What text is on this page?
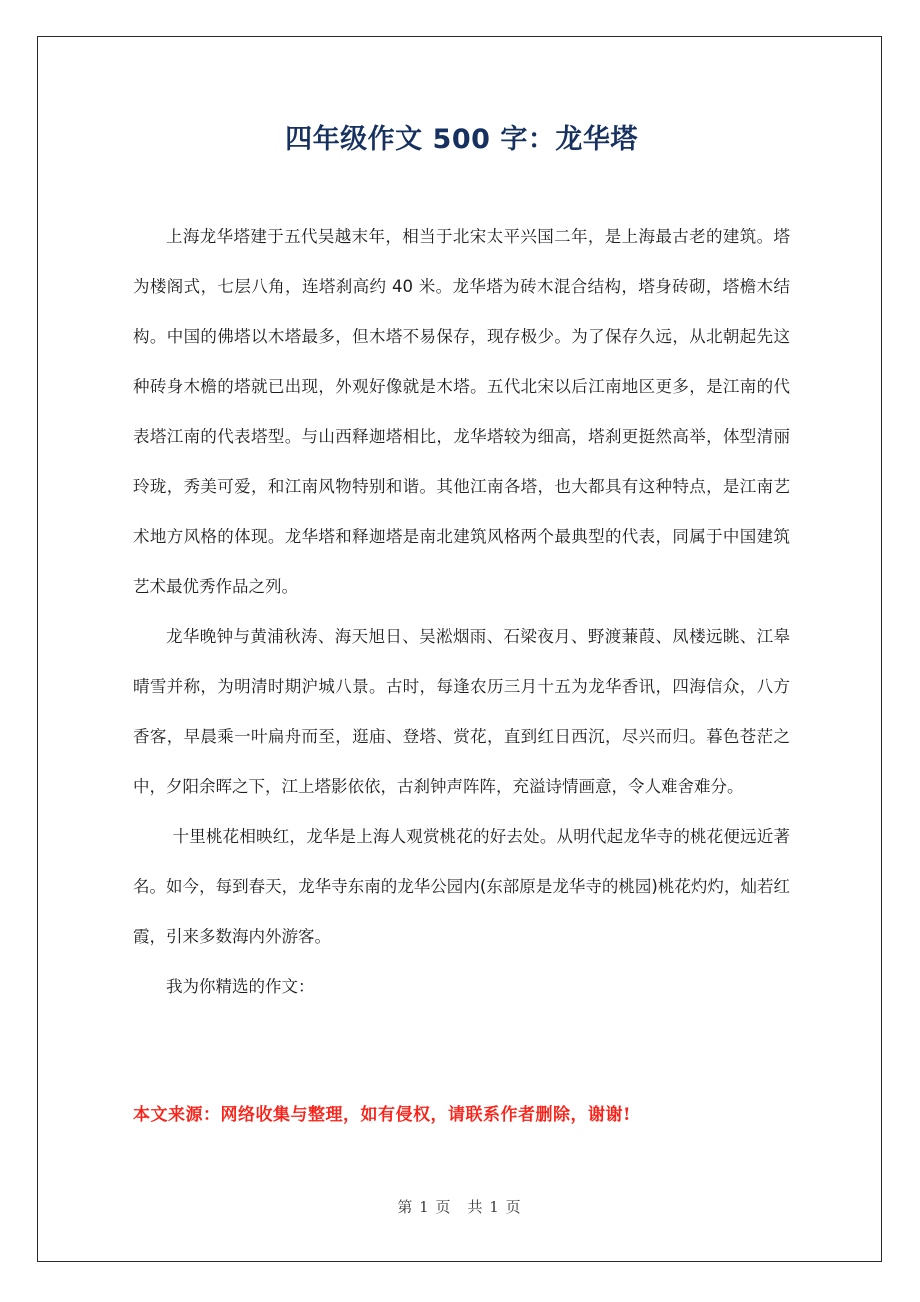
四年级作文 500 字：龙华塔

上海龙华塔建于五代吴越末年，相当于北宋太平兴国二年，是上海最古老的建筑。塔为楼阁式，七层八角，连塔刹高约 40 米。龙华塔为砖木混合结构，塔身砖砌，塔檐木结构。中国的佛塔以木塔最多，但木塔不易保存，现存极少。为了保存久远，从北朝起先这种砖身木檐的塔就已出现，外观好像就是木塔。五代北宋以后江南地区更多，是江南的代表塔江南的代表塔型。与山西释迦塔相比，龙华塔较为细高，塔刹更挺然高举，体型清丽玲珑，秀美可爱，和江南风物特别和谐。其他江南各塔，也大都具有这种特点，是江南艺术地方风格的体现。龙华塔和释迦塔是南北建筑风格两个最典型的代表，同属于中国建筑艺术最优秀作品之列。

龙华晚钟与黄浦秋涛、海天旭日、吴淞烟雨、石梁夜月、野渡蒹葭、凤楼远眺、江皋晴雪并称，为明清时期沪城八景。古时，每逢农历三月十五为龙华香讯，四海信众，八方香客，早晨乘一叶扁舟而至，逛庙、登塔、赏花，直到红日西沉，尽兴而归。暮色苍茫之中，夕阳余晖之下，江上塔影依依，古刹钟声阵阵，充溢诗情画意，令人难舍难分。

十里桃花相映红，龙华是上海人观赏桃花的好去处。从明代起龙华寺的桃花便远近著名。如今，每到春天，龙华寺东南的龙华公园内(东部原是龙华寺的桃园)桃花灼灼，灿若红霞，引来多数海内外游客。

我为你精选的作文：

本文来源：网络收集与整理，如有侵权，请联系作者删除，谢谢!

第 1 页　共 1 页
